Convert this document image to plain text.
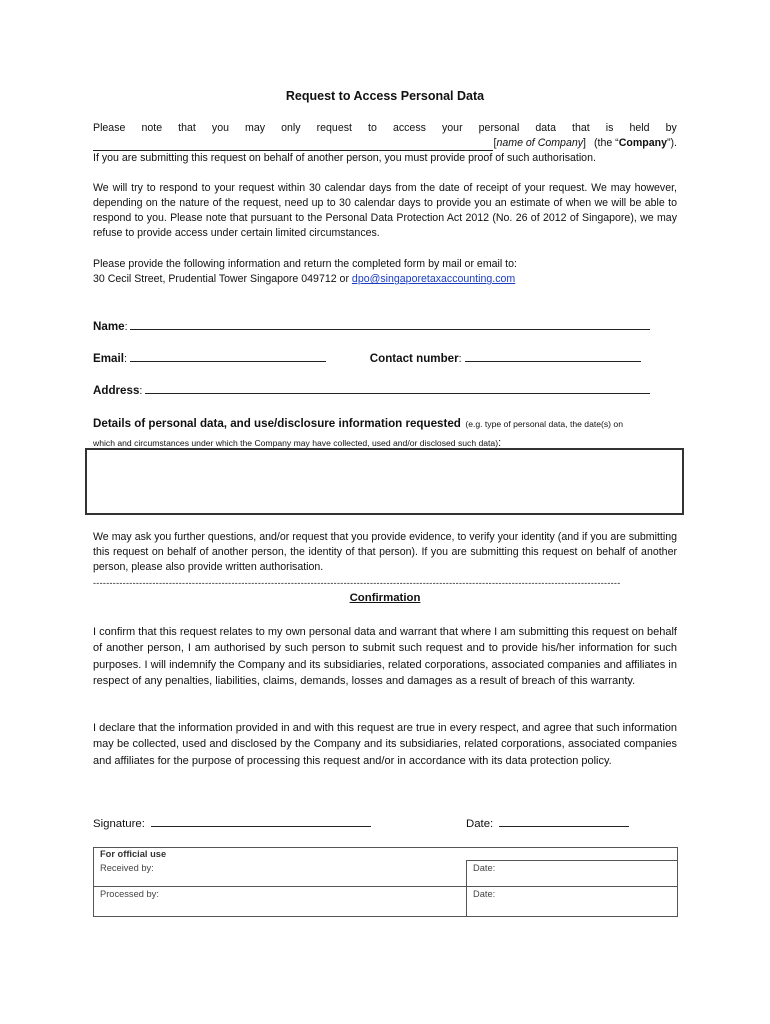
Request to Access Personal Data
Please note that you may only request to access your personal data that is held by
[ name of Company ] (the “ Company ”).
If you are submitting this request on behalf of another person, you must provide proof of such authorisation.
We will try to respond to your request within 30 calendar days from the date of receipt of your request. We may however, depending on the nature of the request, need up to 30 calendar days to provide you an estimate of when we will be able to respond to you. Please note that pursuant to the Personal Data Protection Act 2012 (No. 26 of 2012 of Singapore), we may refuse to provide access under certain limited circumstances.
Please provide the following information and return the completed form by mail or email to:
30 Cecil Street, Prudential Tower Singapore 049712 or dpo@singaporetaxaccounting.com
Name:
Email:	Contact number:
Address:
Details of personal data, and use/disclosure information requested (e.g. type of personal data, the date(s) on
which and circumstances under which the Company may have collected, used and/or disclosed such data):
We may ask you further questions, and/or request that you provide evidence, to verify your identity (and if you are submitting this request on behalf of another person, the identity of that person). If you are submitting this request on behalf of another person, please also provide written authorisation.
----------------------------------------------------------------------------------------------------------------------------------------------------------------
Confirmation
I confirm that this request relates to my own personal data and warrant that where I am submitting this request on behalf of another person, I am authorised by such person to submit such request and to provide his/her information for such purposes. I will indemnify the Company and its subsidiaries, related corporations, associated companies and affiliates in respect of any penalties, liabilities, claims, demands, losses and damages as a result of breach of this warranty.
I declare that the information provided in and with this request are true in every respect, and agree that such information may be collected, used and disclosed by the Company and its subsidiaries, related corporations, associated companies and affiliates for the purpose of processing this request and/or in accordance with its data protection policy.
Signature:	Date:
For official use	
Received by:	Date:
Processed by:	Date:
